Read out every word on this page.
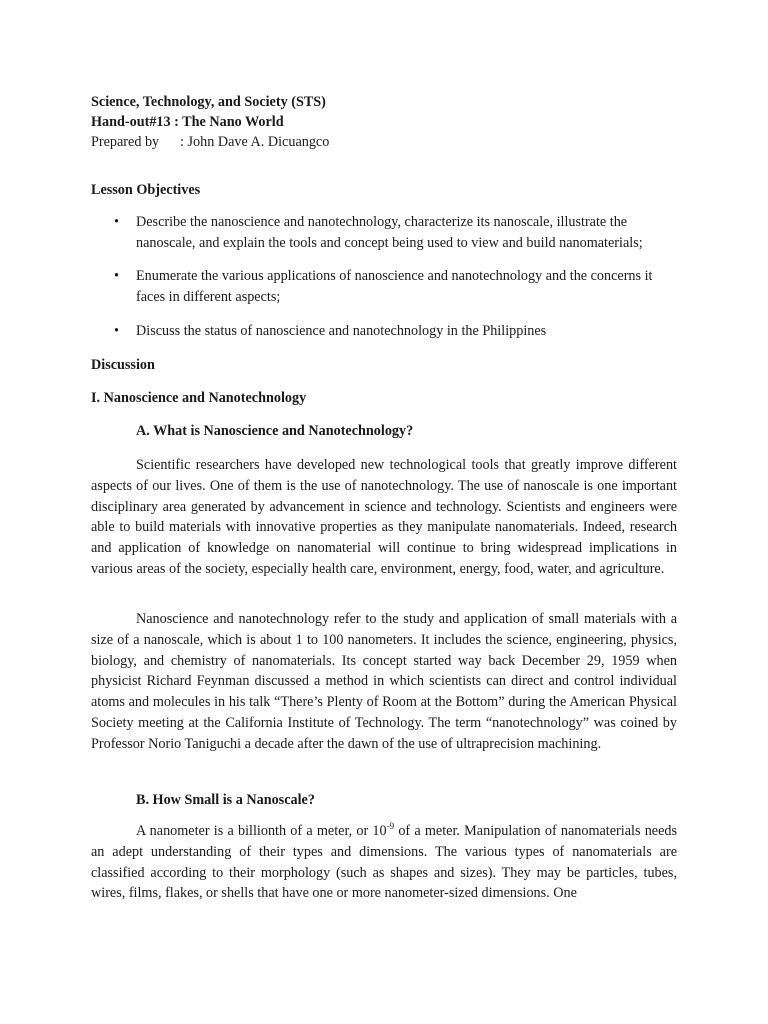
Science, Technology, and Society (STS)
Hand-out#13 : The Nano World
Prepared by : John Dave A. Dicuangco
Lesson Objectives
• Describe the nanoscience and nanotechnology, characterize its nanoscale, illustrate the nanoscale, and explain the tools and concept being used to view and build nanomaterials;
• Enumerate the various applications of nanoscience and nanotechnology and the concerns it faces in different aspects;
• Discuss the status of nanoscience and nanotechnology in the Philippines
Discussion
I. Nanoscience and Nanotechnology
A. What is Nanoscience and Nanotechnology?

Scientific researchers have developed new technological tools that greatly improve different aspects of our lives. One of them is the use of nanotechnology. The use of nanoscale is one important disciplinary area generated by advancement in science and technology. Scientists and engineers were able to build materials with innovative properties as they manipulate nanomaterials. Indeed, research and application of knowledge on nanomaterial will continue to bring widespread implications in various areas of the society, especially health care, environment, energy, food, water, and agriculture.

Nanoscience and nanotechnology refer to the study and application of small materials with a size of a nanoscale, which is about 1 to 100 nanometers. It includes the science, engineering, physics, biology, and chemistry of nanomaterials. Its concept started way back December 29, 1959 when physicist Richard Feynman discussed a method in which scientists can direct and control individual atoms and molecules in his talk “There’s Plenty of Room at the Bottom” during the American Physical Society meeting at the California Institute of Technology. The term “nanotechnology” was coined by Professor Norio Taniguchi a decade after the dawn of the use of ultraprecision machining.

B. How Small is a Nanoscale?

A nanometer is a billionth of a meter, or $10^{-9}$ of a meter. Manipulation of nanomaterials needs an adept understanding of their types and dimensions. The various types of nanomaterials are classified according to their morphology (such as shapes and sizes). They may be particles, tubes, wires, films, flakes, or shells that have one or more nanometer-sized dimensions. One
